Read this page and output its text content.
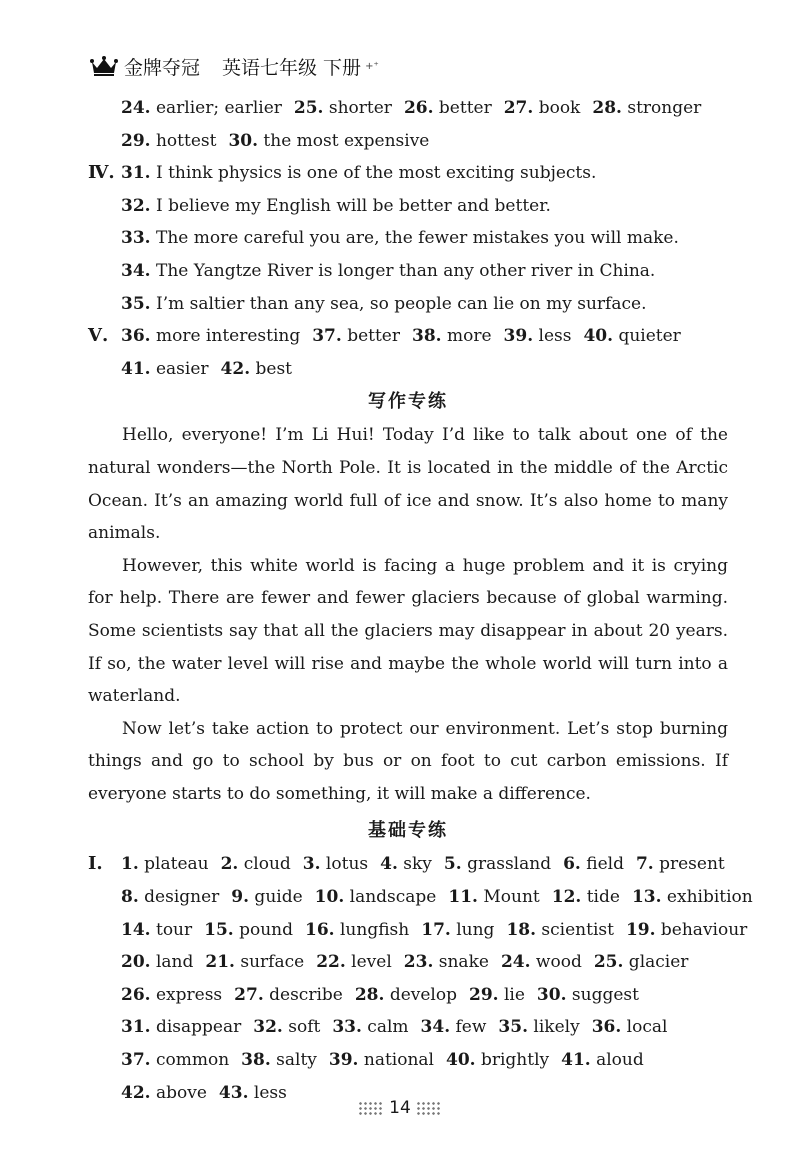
金牌夺冠 英语七年级 下册 +⁺
24. earlier; earlier 25. shorter 26. better 27. book 28. stronger
29. hottest 30. the most expensive
Ⅳ. 31. I think physics is one of the most exciting subjects.
32. I believe my English will be better and better.
33. The more careful you are, the fewer mistakes you will make.
34. The Yangtze River is longer than any other river in China.
35. I’m saltier than any sea, so people can lie on my surface.
Ⅴ. 36. more interesting 37. better 38. more 39. less 40. quieter
41. easier 42. best
写作专练

Hello, everyone! I’m Li Hui! Today I’d like to talk about one of the natural wonders—the North Pole. It is located in the middle of the Arctic Ocean. It’s an amazing world full of ice and snow. It’s also home to many animals.

However, this white world is facing a huge problem and it is crying for help. There are fewer and fewer glaciers because of global warming. Some scientists say that all the glaciers may disappear in about 20 years. If so, the water level will rise and maybe the whole world will turn into a waterland.

Now let’s take action to protect our environment. Let’s stop burning things and go to school by bus or on foot to cut carbon emissions. If everyone starts to do something, it will make a difference.

基础专练
Ⅰ. 1. plateau 2. cloud 3. lotus 4. sky 5. grassland 6. field 7. present
8. designer 9. guide 10. landscape 11. Mount 12. tide 13. exhibition
14. tour 15. pound 16. lungfish 17. lung 18. scientist 19. behaviour
20. land 21. surface 22. level 23. snake 24. wood 25. glacier
26. express 27. describe 28. develop 29. lie 30. suggest
31. disappear 32. soft 33. calm 34. few 35. likely 36. local
37. common 38. salty 39. national 40. brightly 41. aloud
42. above 43. less
14
